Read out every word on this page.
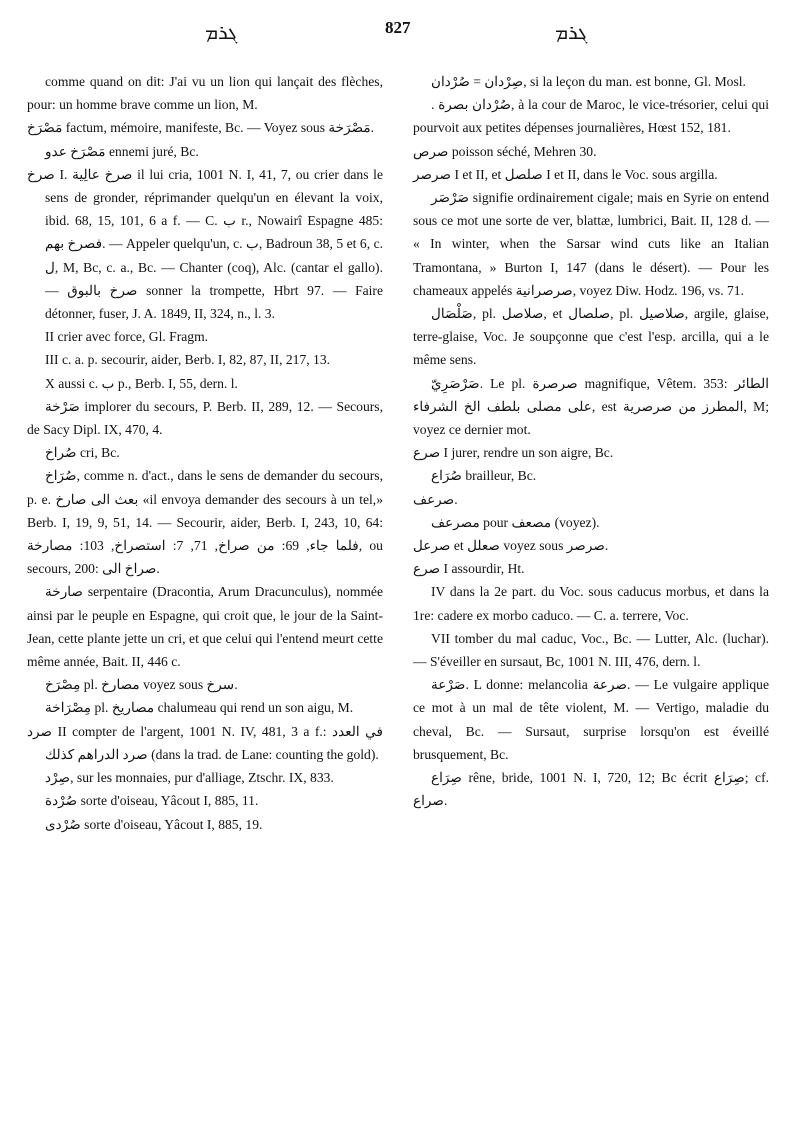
ܓܪܡ	827	ܓܪܡ

comme quand on dit: J'ai vu un lion qui lançait des flèches, pour: un homme brave comme un lion, M.

مَصْرَخ factum, mémoire, manifeste, Bc. — Voyez sous مَصْرَخة.

مَصْرَخ عدو ennemi juré, Bc.

صرخ I. صرخ عالِية il lui cria, 1001 N. I, 41, 7, ou crier dans le sens de gronder, réprimander quelqu'un en élevant la voix, ibid. 68, 15, 101, 6 a f. — C. ب r., Nowairî Espagne 485: فصرخ بهم. — Appeler quelqu'un, c. ب, Badroun 38, 5 et 6, c. ل, M, Bc, c. a., Bc. — Chanter (coq), Alc. (cantar el gallo). — صرخ بالبوق sonner la trompette, Hbrt 97. — Faire détonner, fuser, J. A. 1849, II, 324, n., l. 3.

II crier avec force, Gl. Fragm.

III c. a. p. secourir, aider, Berb. I, 82, 87, II, 217, 13.

X aussi c. ب p., Berb. I, 55, dern. l.

صَرْخة implorer du secours, P. Berb. II, 289, 12. — Secours, de Sacy Dipl. IX, 470, 4.

صُراخ cri, Bc.

صُرَاخ, comme n. d'act., dans le sens de demander du secours, p. e. بعث الى صارخ «il envoya demander des secours à un tel,» Berb. I, 19, 9, 51, 14. — Secourir, aider, Berb. I, 243, 10, 64: فلما جاء, 69: من صراخ, 71, 7: استصراخ, 103: مصارخة, ou secours, 200: صراخ الى.

صارخة serpentaire (Dracontia, Arum Dracunculus), nommée ainsi par le peuple en Espagne, qui croit que, le jour de la Saint-Jean, cette plante jette un cri, et que celui qui l'entend meurt cette même année, Bait. II, 446 c.

مِصْرَخ pl. مصارخ voyez sous سرخ.

مِصْرَاخة pl. مصاريخ chalumeau qui rend un son aigu, M.

صرد II compter de l'argent, 1001 N. IV, 481, 3 a f.: في العدد صرد الدراهم كذلك (dans la trad. de Lane: counting the gold).

صِرْد, sur les monnaies, pur d'alliage, Ztschr. IX, 833.

صُرْدة sorte d'oiseau, Yâcout I, 885, 11.

صُرْدى sorte d'oiseau, Yâcout I, 885, 19.

صِرْدان = صُرْدان, si la leçon du man. est bonne, Gl. Mosl.

. صُرْدان بصرة, à la cour de Maroc, le vice-trésorier, celui qui pourvoit aux petites dépenses journalières, Hœst 152, 181.

صرص poisson séché, Mehren 30.

صرصر I et II, et صلصل I et II, dans le Voc. sous argilla.

صَرْصَر signifie ordinairement cigale; mais en Syrie on entend sous ce mot une sorte de ver, blattæ, lumbrici, Bait. II, 128 d. — « In winter, when the Sarsar wind cuts like an Italian Tramontana, » Burton I, 147 (dans le désert). — Pour les chameaux appelés صرصرانية, voyez Diw. Hodz. 196, vs. 71.

صَلْصَال, pl. صلاصل, et صلصال, pl. صلاصيل, argile, glaise, terre-glaise, Voc. Je soupçonne que c'est l'esp. arcilla, qui a le même sens.

صَرْصَرِيّ. Le pl. صرصرة magnifique, Vêtem. 353: الطائر على مصلى بلطف الخ الشرفاء, est المطرز من صرصرية, M; voyez ce dernier mot.

صرع I jurer, rendre un son aigre, Bc.

صُرَاع brailleur, Bc.

صرعف.

مصرعف pour مصعف (voyez).

صرعل et صعلل voyez sous صرصر.

صرع I assourdir, Ht.

IV dans la 2e part. du Voc. sous caducus morbus, et dans la 1re: cadere ex morbo caduco. — C. a. terrere, Voc.

VII tomber du mal caduc, Voc., Bc. — Lutter, Alc. (luchar). — S'éveiller en sursaut, Bc, 1001 N. III, 476, dern. l.

صَرْعة. L donne: melancolia صرعة. — Le vulgaire applique ce mot à un mal de tête violent, M. — Vertigo, maladie du cheval, Bc. — Sursaut, surprise lorsqu'on est éveillé brusquement, Bc.

صِرَاع rêne, bride, 1001 N. I, 720, 12; Bc écrit صِرَاع; cf. صراع.
